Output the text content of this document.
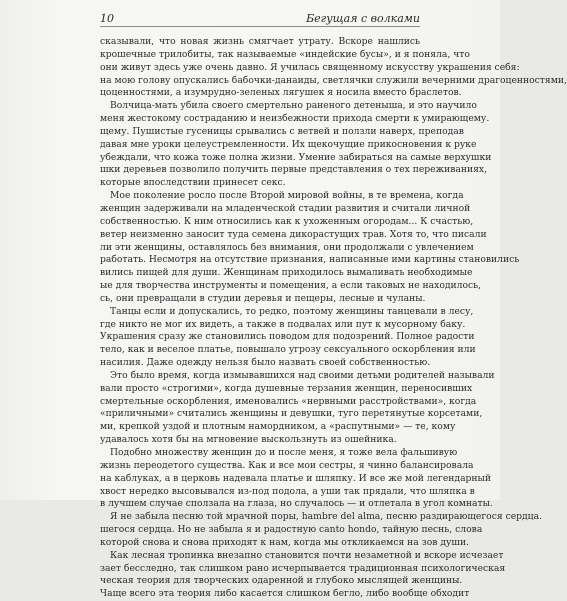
10	Бегущая с волками
сказывали, что новая жизнь смягчает утрату. Вскоре нашлись
крошечные трилобиты, так называемые «индейские бусы», и я поняла, что
они живут здесь уже очень давно. Я училась священному искусству украшения себя:
на мою голову опускались бабочки-данаиды, светлячки служили вечерними драгоценностями,
цоценностями, а изумрудно-зеленых лягушек я носила вместо браслетов.
Волчица-мать убила своего смертельно раненого детеныша, и это научило
меня жестокому состраданию и неизбежности прихода смерти к умирающему.
щему. Пушистые гусеницы срывались с ветвей и ползли наверх, преподав
давая мне уроки целеустремленности. Их щекочущие прикосновения к руке
убеждали, что кожа тоже полна жизни. Умение забираться на самые верхушки
шки деревьев позволило получить первые представления о тех переживаниях,
которые впоследствии принесет секс.
Мое поколение росло после Второй мировой войны, в те времена, когда
женщин задерживали на младенческой стадии развития и считали личной
собственностью. К ним относились как к ухоженным огородам... К счастью,
ветер неизменно заносит туда семена дикорастущих трав. Хотя то, что писали
ли эти женщины, оставлялось без внимания, они продолжали с увлечением
работать. Несмотря на отсутствие признания, написанные ими картины становились
вились пищей для души. Женщинам приходилось вымаливать необходимые
ые для творчества инструменты и помещения, а если таковых не находилось,
сь, они превращали в студии деревья и пещеры, лесные и чуланы.
Танцы если и допускались, то редко, поэтому женщины танцевали в лесу,
где никто не мог их видеть, а также в подвалах или пут к мусорному баку.
Украшения сразу же становились поводом для подозрений. Полное радости
тело, как и веселое платье, повышало угрозу сексуального оскорбления или
насилия. Даже одежду нельзя было назвать своей собственностью.
Это было время, когда измывавшихся над своими детьми родителей называли
вали просто «строгими», когда душевные терзания женщин, переносивших
смертельные оскорбления, именовались «нервными расстройствами», когда
«приличными» считались женщины и девушки, туго перетянутые корсетами,
ми, крепкой уздой и плотным намордником, а «распутными» — те, кому
удавалось хотя бы на мгновение выскользнуть из ошейника.
Подобно множеству женщин до и после меня, я тоже вела фальшивую
жизнь переодетого существа. Как и все мои сестры, я чинно балансировала
на каблуках, а в церковь надевала платье и шляпку. И все же мой легендарный
хвост нередко высовывался из-под подола, а уши так прядали, что шляпка в
в лучшем случае сползала на глаза, но случалось — и отлетала в угол комнаты.
Я не забыла песню той мрачной поры, hambre del alma, песню раздирающегося сердца.
шегося сердца. Но не забыла я и радостную canto hondo, тайную песнь, слова
которой снова и снова приходят к нам, когда мы откликаемся на зов души.
Как лесная тропинка внезапно становится почти незаметной и вскоре исчезает
зает бесследно, так слишком рано исчерпывается традиционная психологическая
ческая теория для творческих одаренной и глубоко мыслящей женщины.
Чаще всего эта теория либо касается слишком бегло, либо вообще обходит
